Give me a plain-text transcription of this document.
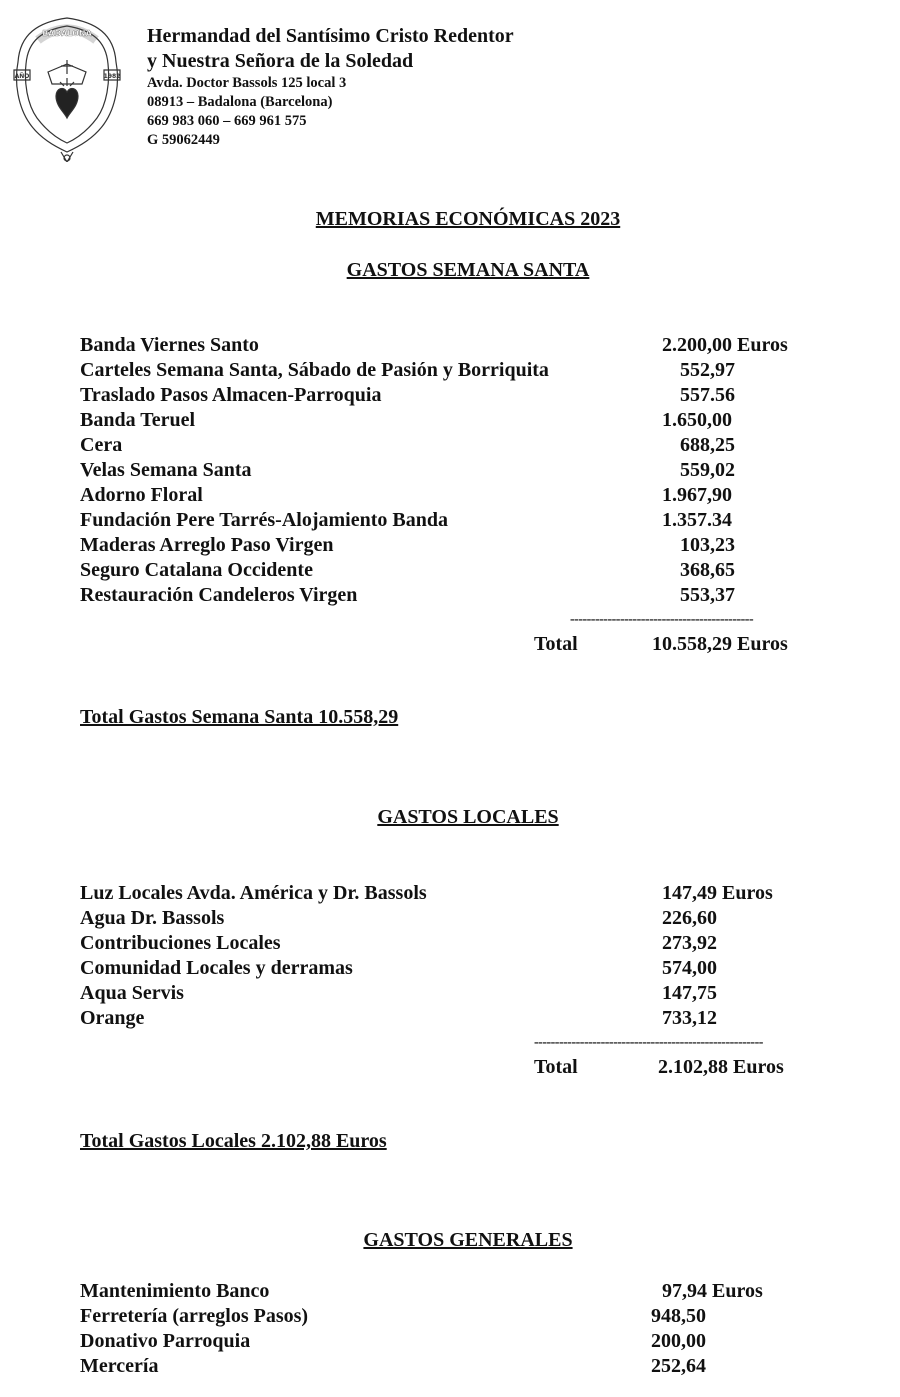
BADALONA
AÑO	1982
Hermandad del Santísimo Cristo Redentor
y Nuestra Señora de la Soledad
Avda. Doctor Bassols 125 local 3
08913 – Badalona (Barcelona)
669 983 060 – 669 961 575
G 59062449
MEMORIAS ECONÓMICAS 2023
GASTOS SEMANA SANTA
Banda Viernes Santo	2.200,00 Euros
Carteles Semana Santa, Sábado de Pasión y Borriquita	552,97
Traslado Pasos Almacen-Parroquia	557.56
Banda Teruel	1.650,00
Cera	688,25
Velas Semana Santa	559,02
Adorno Floral	1.967,90
Fundación Pere Tarrés-Alojamiento Banda	1.357.34
Maderas Arreglo Paso Virgen	103,23
Seguro Catalana Occidente	368,65
Restauración Candeleros Virgen	553,37
--------------------------------------------
Total	10.558,29 Euros
Total Gastos Semana Santa 10.558,29
GASTOS LOCALES
Luz Locales Avda. América y Dr. Bassols	147,49 Euros
Agua Dr. Bassols	226,60
Contribuciones Locales	273,92
Comunidad Locales y derramas	574,00
Aqua Servis	147,75
Orange	733,12
-------------------------------------------------------
Total	2.102,88 Euros
Total Gastos Locales 2.102,88 Euros
GASTOS GENERALES
Mantenimiento Banco	97,94 Euros
Ferretería (arreglos Pasos)	948,50
Donativo Parroquia	200,00
Mercería	252,64
